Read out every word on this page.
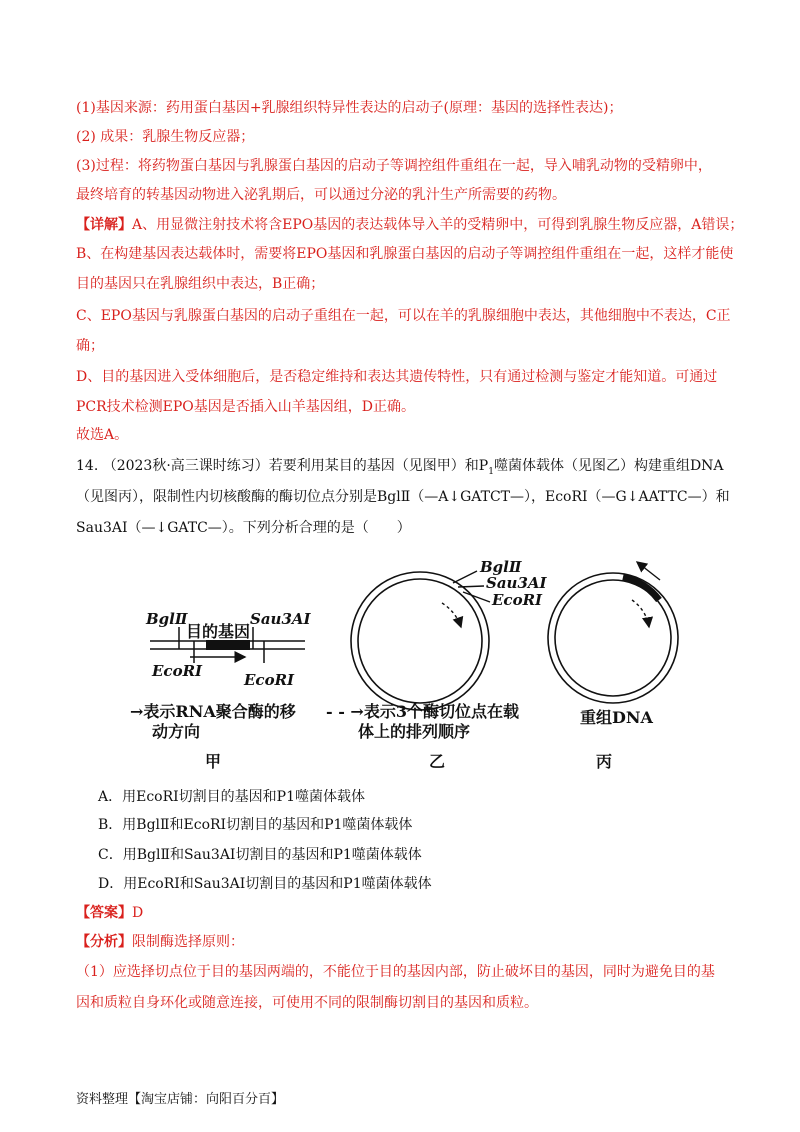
(1)基因来源：药用蛋白基因+乳腺组织特异性表达的启动子(原理：基因的选择性表达)；
(2) 成果：乳腺生物反应器；
(3)过程：将药物蛋白基因与乳腺蛋白基因的启动子等调控组件重组在一起，导入哺乳动物的受精卵中，
最终培育的转基因动物进入泌乳期后，可以通过分泌的乳汁生产所需要的药物。
【详解】A、用显微注射技术将含EPO基因的表达载体导入羊的受精卵中，可得到乳腺生物反应器，A错误；
B、在构建基因表达载体时，需要将EPO基因和乳腺蛋白基因的启动子等调控组件重组在一起，这样才能使
目的基因只在乳腺组织中表达，B正确；
C、EPO基因与乳腺蛋白基因的启动子重组在一起，可以在羊的乳腺细胞中表达，其他细胞中不表达，C正
确；
D、目的基因进入受体细胞后，是否稳定维持和表达其遗传特性，只有通过检测与鉴定才能知道。可通过
PCR技术检测EPO基因是否插入山羊基因组，D正确。
故选A。
14. （2023秋·高三课时练习）若要利用某目的基因（见图甲）和$P_1$噬菌体载体（见图乙）构建重组DNA
（见图丙），限制性内切核酸酶的酶切位点分别是BglⅡ（—A↓GATCT—），EcoRⅠ（—G↓AATTC—）和
Sau3AⅠ（—↓GATC—）。下列分析合理的是（　　）
BglⅡ
目的基因
Sau3AⅠ
EcoRI	EcoRI
→表示RNA聚合酶的移
动方向
甲
BglⅡ
Sau3AⅠ
EcoRI
- - →表示3个酶切位点在载
体上的排列顺序
乙
重组DNA
丙
A．用EcoRⅠ切割目的基因和P1噬菌体载体
B．用BglⅡ和EcoRI切割目的基因和P1噬菌体载体
C．用BglⅡ和Sau3AⅠ切割目的基因和P1噬菌体载体
D．用EcoRⅠ和Sau3AⅠ切割目的基因和P1噬菌体载体
【答案】D
【分析】限制酶选择原则：
（1）应选择切点位于目的基因两端的，不能位于目的基因内部，防止破坏目的基因，同时为避免目的基
因和质粒自身环化或随意连接，可使用不同的限制酶切割目的基因和质粒。
资料整理【淘宝店铺：向阳百分百】
